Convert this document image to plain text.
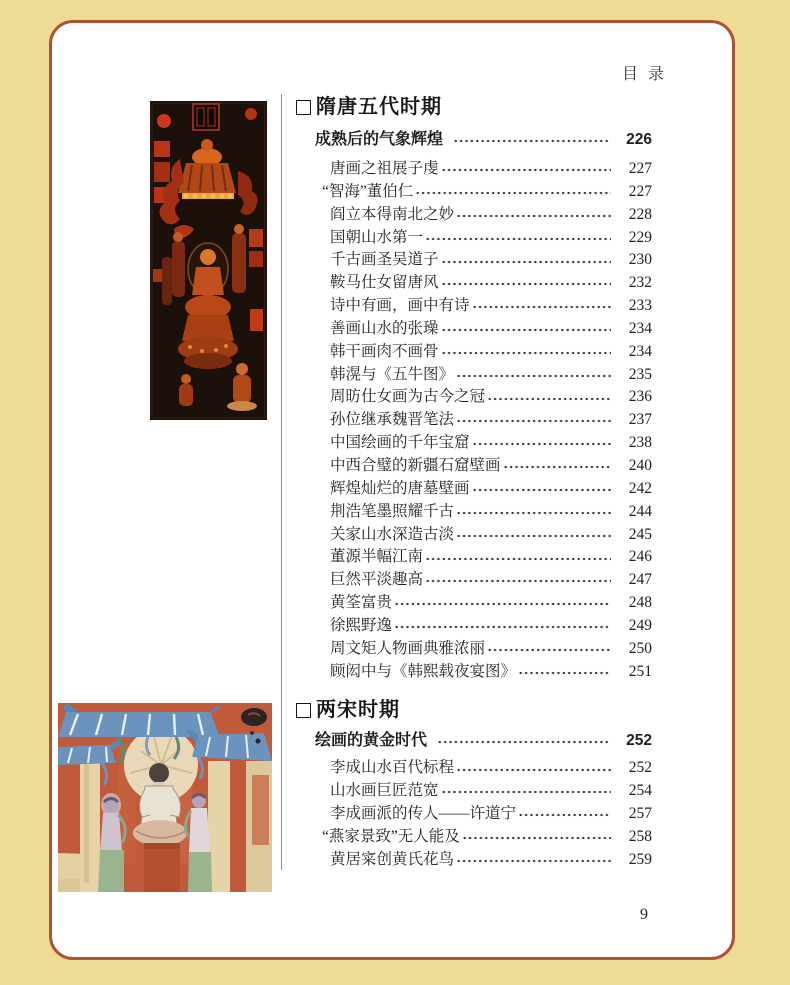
目 录
隋唐五代时期
成熟后的气象辉煌	226
唐画之祖展子虔	227
“智海”董伯仁	227
阎立本得南北之妙	228
国朝山水第一	229
千古画圣吴道子	230
鞍马仕女留唐风	232
诗中有画，画中有诗	233
善画山水的张璪	234
韩干画肉不画骨	234
韩滉与《五牛图》	235
周昉仕女画为古今之冠	236
孙位继承魏晋笔法	237
中国绘画的千年宝窟	238
中西合璧的新疆石窟壁画	240
辉煌灿烂的唐墓壁画	242
荆浩笔墨照耀千古	244
关家山水深造古淡	245
董源半幅江南	246
巨然平淡趣高	247
黄筌富贵	248
徐熙野逸	249
周文矩人物画典雅浓丽	250
顾闳中与《韩熙载夜宴图》	251
两宋时期
绘画的黄金时代	252
李成山水百代标程	252
山水画巨匠范宽	254
李成画派的传人——许道宁	257
“燕家景致”无人能及	258
黄居寀创黄氏花鸟	259
9
